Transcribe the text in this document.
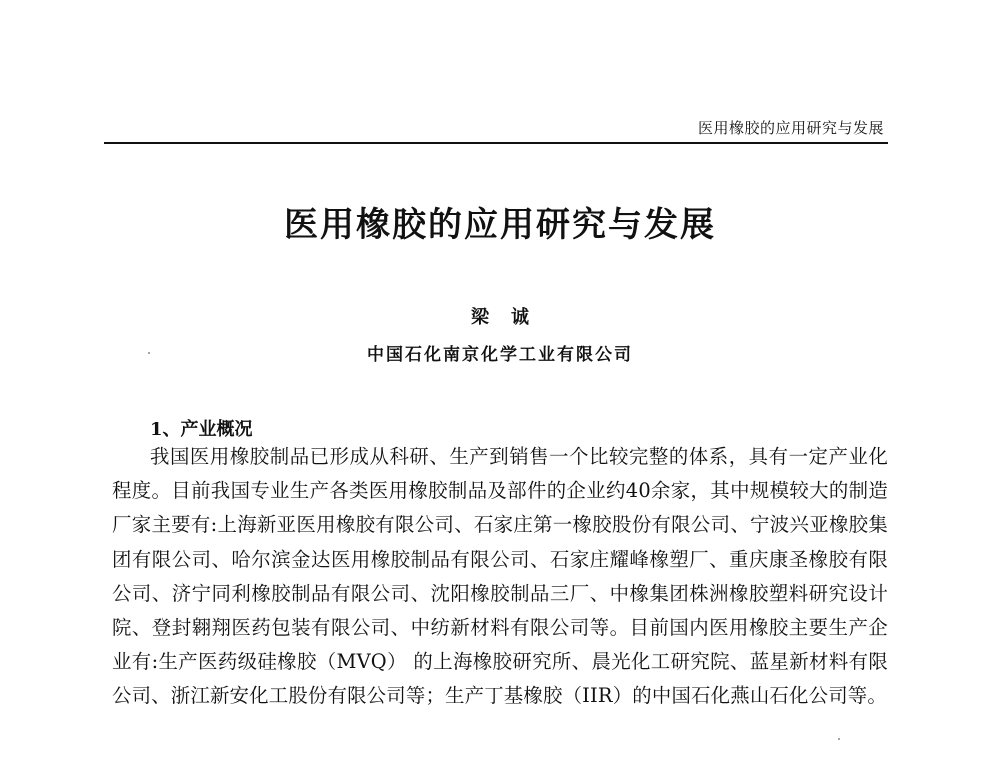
医用橡胶的应用研究与发展
医用橡胶的应用研究与发展
梁诚
中国石化南京化学工业有限公司
1、产业概况

我国医用橡胶制品已形成从科研、生产到销售一个比较完整的体系，具有一定产业化程度。目前我国专业生产各类医用橡胶制品及部件的企业约40余家，其中规模较大的制造厂家主要有:上海新亚医用橡胶有限公司、石家庄第一橡胶股份有限公司、宁波兴亚橡胶集团有限公司、哈尔滨金达医用橡胶制品有限公司、石家庄耀峰橡塑厂、重庆康圣橡胶有限公司、济宁同利橡胶制品有限公司、沈阳橡胶制品三厂、中橡集团株洲橡胶塑料研究设计院、登封翱翔医药包装有限公司、中纺新材料有限公司等。目前国内医用橡胶主要生产企业有:生产医药级硅橡胶（MVQ） 的上海橡胶研究所、晨光化工研究院、蓝星新材料有限公司、浙江新安化工股份有限公司等；生产丁基橡胶（IIR）的中国石化燕山石化公司等。
